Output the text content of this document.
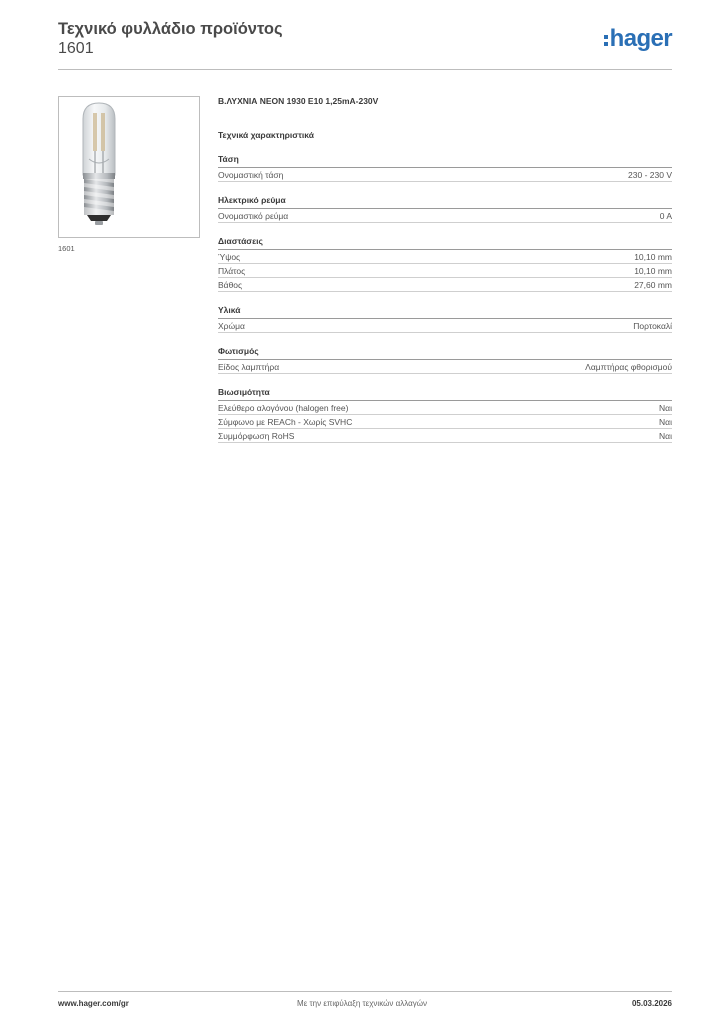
Τεχνικό φυλλάδιο προϊόντος
1601	hager
1601
B.ΛΥΧΝΙΑ NEON 1930 E10 1,25mA-230V
Τεχνικά χαρακτηριστικά
Τάση
Ονομαστική τάση	230 - 230 V
Ηλεκτρικό ρεύμα
Ονομαστικό ρεύμα	0 A
Διαστάσεις
Ύψος	10,10 mm
Πλάτος	10,10 mm
Βάθος	27,60 mm
Υλικά
Χρώμα	Πορτοκαλί
Φωτισμός
Είδος λαμπτήρα	Λαμπτήρας φθορισμού
Βιωσιμότητα
Ελεύθερο αλογόνου (halogen free)	Ναι
Σύμφωνο με REACh - Χωρίς SVHC	Ναι
Συμμόρφωση RoHS	Ναι
www.hager.com/gr	Με την επιφύλαξη τεχνικών αλλαγών	05.03.2026
